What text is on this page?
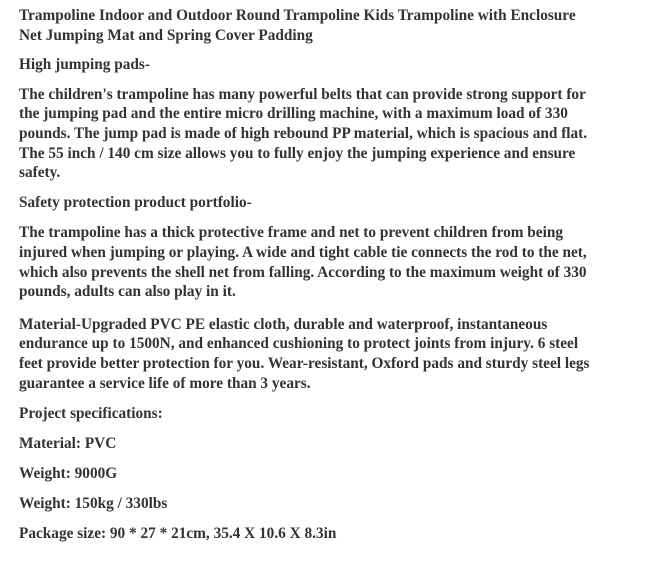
Trampoline Indoor and Outdoor Round Trampoline Kids Trampoline with Enclosure
Net Jumping Mat and Spring Cover Padding

High jumping pads-

The children's trampoline has many powerful belts that can provide strong support for
the jumping pad and the entire micro drilling machine, with a maximum load of 330
pounds. The jump pad is made of high rebound PP material, which is spacious and flat.
The 55 inch / 140 cm size allows you to fully enjoy the jumping experience and ensure
safety.

Safety protection product portfolio-

The trampoline has a thick protective frame and net to prevent children from being
injured when jumping or playing. A wide and tight cable tie connects the rod to the net,
which also prevents the shell net from falling. According to the maximum weight of 330
pounds, adults can also play in it.

Material-Upgraded PVC PE elastic cloth, durable and waterproof, instantaneous
endurance up to 1500N, and enhanced cushioning to protect joints from injury. 6 steel
feet provide better protection for you. Wear-resistant, Oxford pads and sturdy steel legs
guarantee a service life of more than 3 years.

Project specifications:

Material: PVC

Weight: 9000G

Weight: 150kg / 330lbs

Package size: 90 * 27 * 21cm, 35.4 X 10.6 X 8.3in
